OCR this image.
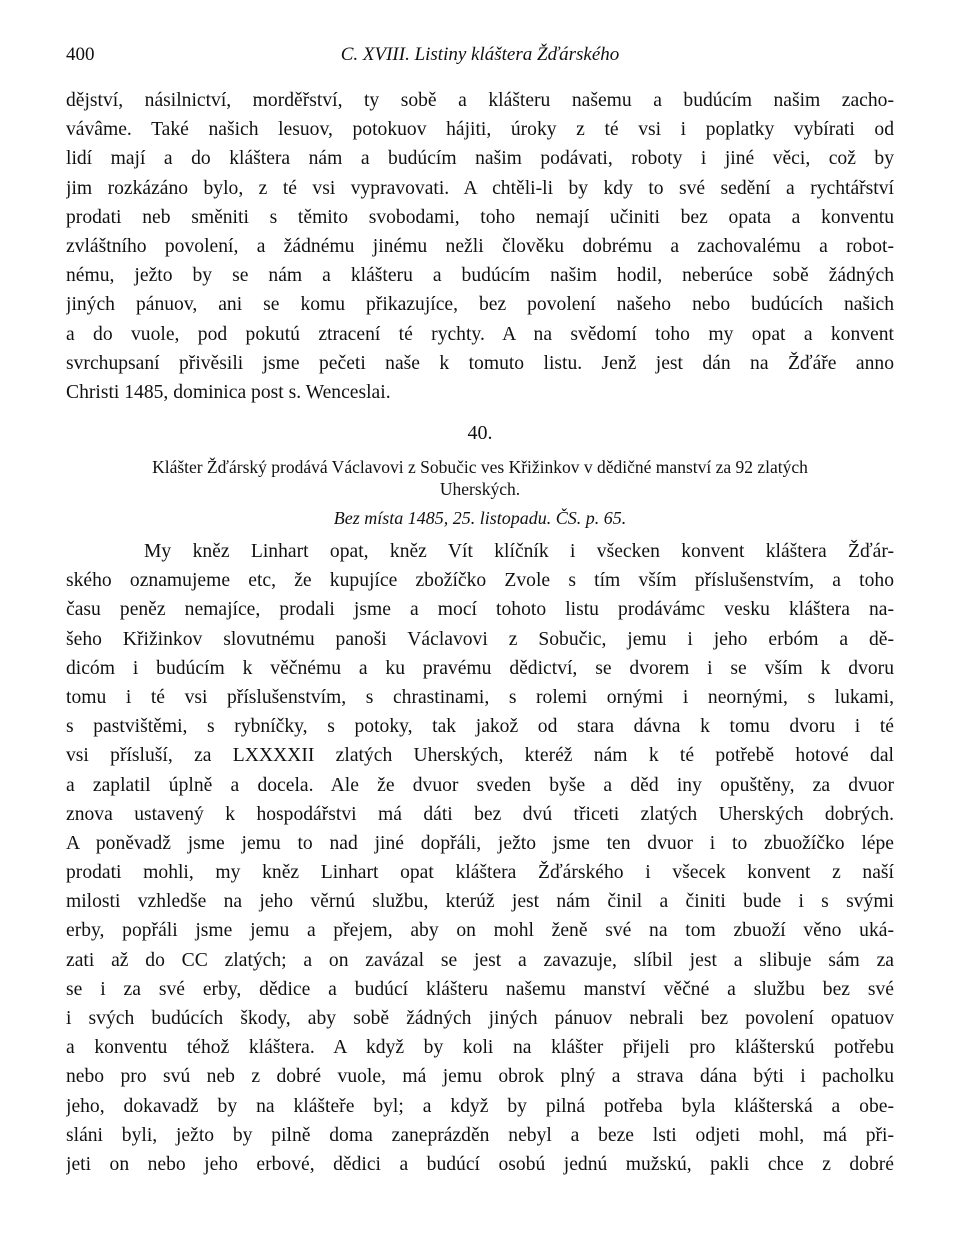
400	C. XVIII. Listiny kláštera Žďárského
dějství, násilnictví, morděřství, ty sobě a klášteru našemu a budúcím našim zacho-
vávâme. Také našich lesuov, potokuov hájiti, úroky z té vsi i poplatky vybírati od
lidí mají a do kláštera nám a budúcím našim podávati, roboty i jiné věci, což by
jim rozkázáno bylo, z té vsi vypravovati. A chtěli-li by kdy to své sedění a rychtářství
prodati neb směniti s těmito svobodami, toho nemají učiniti bez opata a konventu
zvláštního povolení, a žádnému jinému nežli člověku dobrému a zachovalému a robot-
nému, ježto by se nám a klášteru a budúcím našim hodil, neberúce sobě žádných
jiných pánuov, ani se komu přikazujíce, bez povolení našeho nebo budúcích našich
a do vuole, pod pokutú ztracení té rychty. A na svědomí toho my opat a konvent
svrchupsaní přivěsili jsme pečeti naše k tomuto listu. Jenž jest dán na Žďáře anno
Christi 1485, dominica post s. Wenceslai.
40.
Klášter Žďárský prodává Václavovi z Sobučic ves Křižinkov v dědičné manství za 92 zlatých
Uherských.
Bez místa 1485, 25. listopadu. ČS. p. 65.
My kněz Linhart opat, kněz Vít klíčník i všecken konvent kláštera Žďár-
ského oznamujeme etc, že kupujíce zbožíčko Zvole s tím vším příslušenstvím, a toho
času peněz nemajíce, prodali jsme a mocí tohoto listu prodávámc vesku kláštera na-
šeho Křižinkov slovutnému panoši Václavovi z Sobučic, jemu i jeho erbóm a dě-
dicóm i budúcím k věčnému a ku pravému dědictví, se dvorem i se vším k dvoru
tomu i té vsi příslušenstvím, s chrastinami, s rolemi ornými i neornými, s lukami,
s pastvištěmi, s rybníčky, s potoky, tak jakož od stara dávna k tomu dvoru i té
vsi přísluší, za LXXXXII zlatých Uherských, kteréž nám k té potřebě hotové dal
a zaplatil úplně a docela. Ale že dvuor sveden byše a děd iny opuštěny, za dvuor
znova ustavený k hospodářstvi má dáti bez dvú třiceti zlatých Uherských dobrých.
A poněvadž jsme jemu to nad jiné dopřáli, ježto jsme ten dvuor i to zbuožíčko lépe
prodati mohli, my kněz Linhart opat kláštera Žďárského i všecek konvent z naší
milosti vzhledše na jeho věrnú službu, kterúž jest nám činil a činiti bude i s svými
erby, popřáli jsme jemu a přejem, aby on mohl ženě své na tom zbuoží věno uká-
zati až do CC zlatých; a on zavázal se jest a zavazuje, slíbil jest a slibuje sám za
se i za své erby, dědice a budúcí klášteru našemu manství věčné a službu bez své
i svých budúcích škody, aby sobě žádných jiných pánuov nebrali bez povolení opatuov
a konventu téhož kláštera. A když by koli na klášter přijeli pro klášterskú potřebu
nebo pro svú neb z dobré vuole, má jemu obrok plný a strava dána býti i pacholku
jeho, dokavadž by na klášteře byl; a když by pilná potřeba byla klášterská a obe-
sláni byli, ježto by pilně doma zaneprázděn nebyl a beze lsti odjeti mohl, má při-
jeti on nebo jeho erbové, dědici a budúcí osobú jednú mužskú, pakli chce z dobré
